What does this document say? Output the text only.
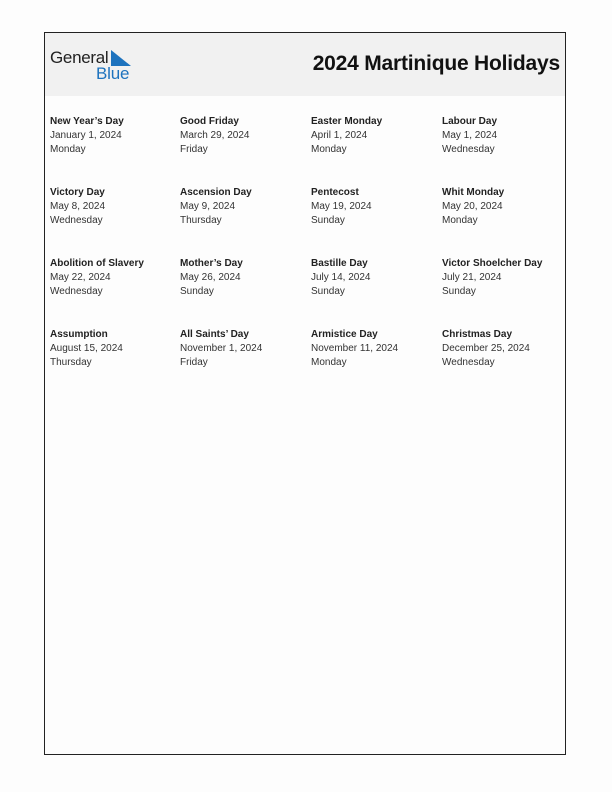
General
Blue	2024 Martinique Holidays
New Year’s Day
January 1, 2024
Monday
Good Friday
March 29, 2024
Friday
Easter Monday
April 1, 2024
Monday
Labour Day
May 1, 2024
Wednesday
Victory Day
May 8, 2024
Wednesday
Ascension Day
May 9, 2024
Thursday
Pentecost
May 19, 2024
Sunday
Whit Monday
May 20, 2024
Monday
Abolition of Slavery
May 22, 2024
Wednesday
Mother’s Day
May 26, 2024
Sunday
Bastille Day
July 14, 2024
Sunday
Victor Shoelcher Day
July 21, 2024
Sunday
Assumption
August 15, 2024
Thursday
All Saints’ Day
November 1, 2024
Friday
Armistice Day
November 11, 2024
Monday
Christmas Day
December 25, 2024
Wednesday
